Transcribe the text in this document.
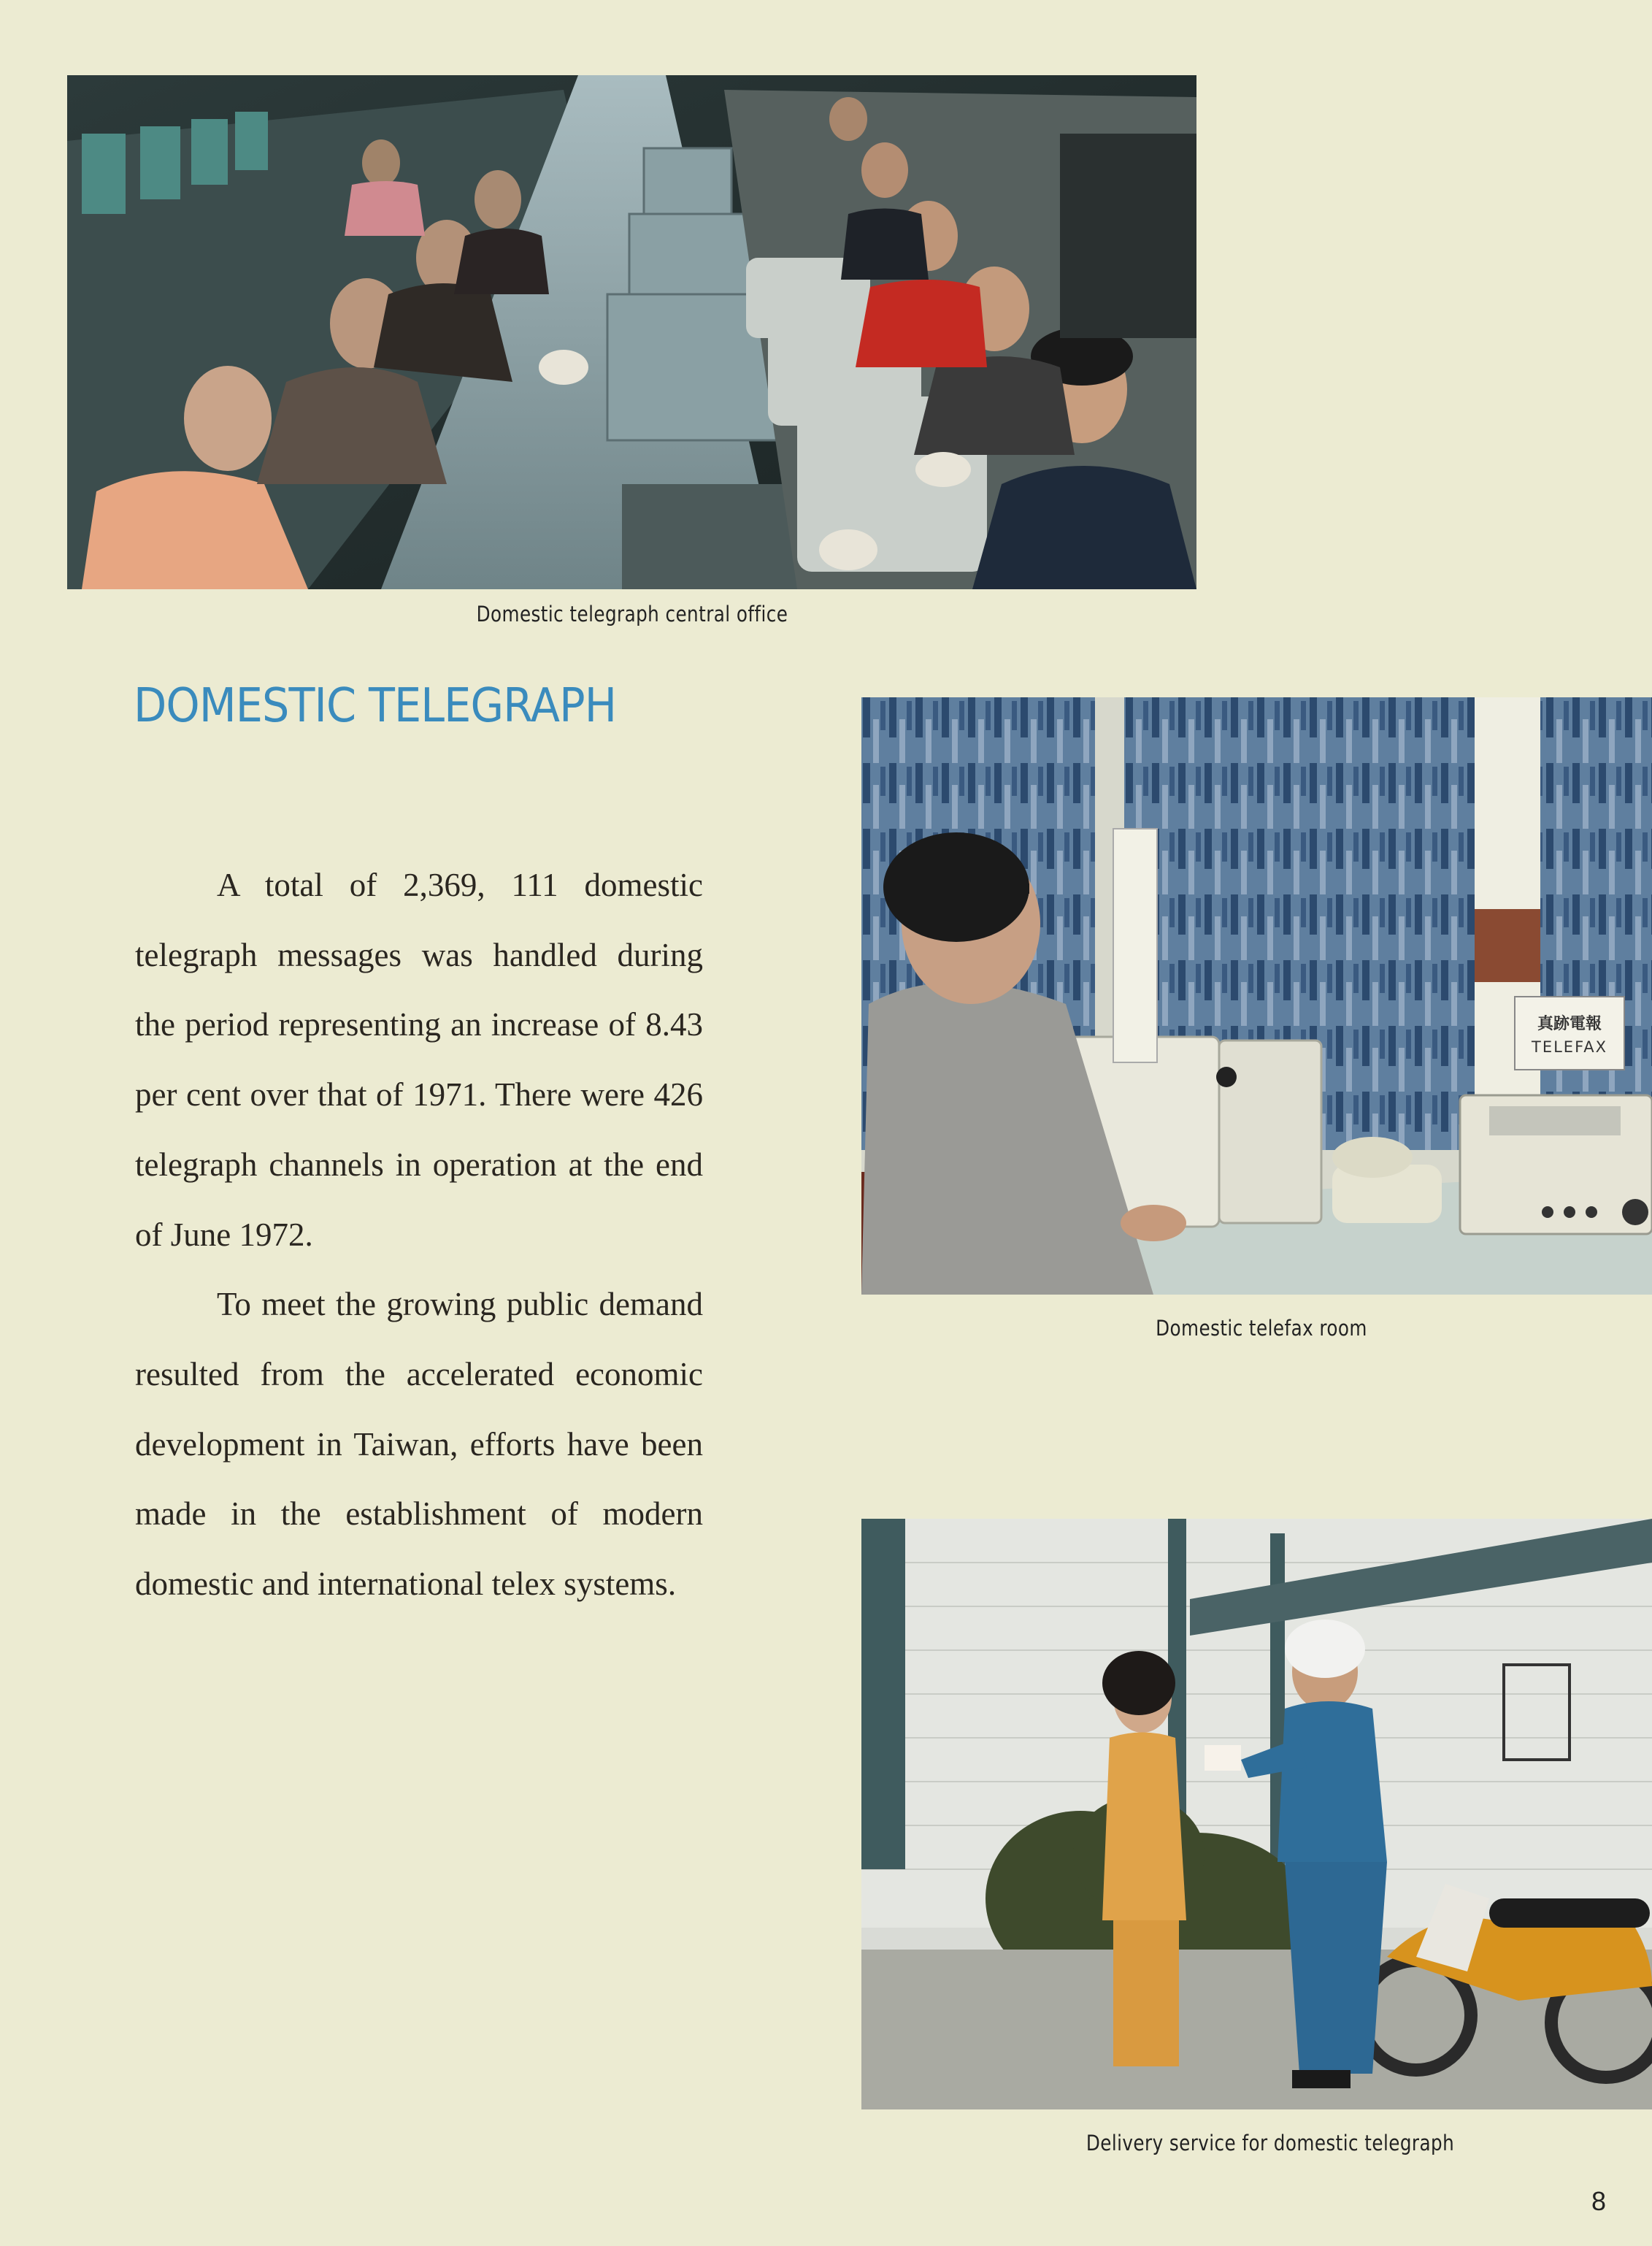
Domestic telegraph central office
DOMESTIC TELEGRAPH

A total of 2,369, 111 domestic telegraph messages was handled during the period representing an increase of 8.43 per cent over that of 1971. There were 426 telegraph channels in operation at the end of June 1972.

To meet the growing public demand resulted from the accelerated economic development in Taiwan, efforts have been made in the establishment of modern domestic and international telex systems.

真跡電報
TELEFAX
Domestic telefax room
Delivery service for domestic telegraph
8
